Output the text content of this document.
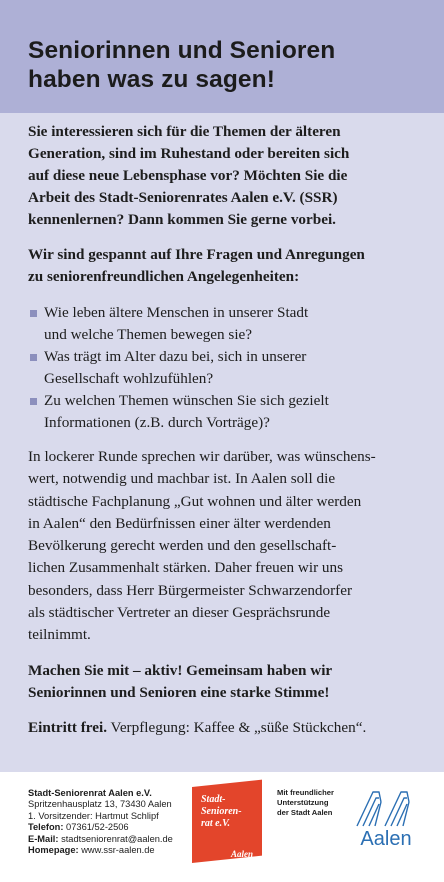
Seniorinnen und Senioren
haben was zu sagen!

Sie interessieren sich für die Themen der älteren
Generation, sind im Ruhestand oder bereiten sich
auf diese neue Lebensphase vor? Möchten Sie die
Arbeit des Stadt-Seniorenrates Aalen e.V. (SSR)
kennenlernen? Dann kommen Sie gerne vorbei.

Wir sind gespannt auf Ihre Fragen und Anregungen
zu seniorenfreundlichen Angelegenheiten:

Wie leben ältere Menschen in unserer Stadt
und welche Themen bewegen sie?
Was trägt im Alter dazu bei, sich in unserer
Gesellschaft wohlzufühlen?
Zu welchen Themen wünschen Sie sich gezielt
Informationen (z.B. durch Vorträge)?

In lockerer Runde sprechen wir darüber, was wünschens-
wert, notwendig und machbar ist. In Aalen soll die
städtische Fachplanung „Gut wohnen und älter werden
in Aalen“ den Bedürfnissen einer älter werdenden
Bevölkerung gerecht werden und den gesellschaft-
lichen Zusammenhalt stärken. Daher freuen wir uns
besonders, dass Herr Bürgermeister Schwarzendorfer
als städtischer Vertreter an dieser Gesprächsrunde
teilnimmt.

Machen Sie mit – aktiv! Gemeinsam haben wir
Seniorinnen und Senioren eine starke Stimme!

Eintritt frei. Verpflegung: Kaffee & „süße Stückchen“.

Stadt-Seniorenrat Aalen e.V.
Spritzenhausplatz 13, 73430 Aalen
1. Vorsitzender: Hartmut Schlipf
Telefon: 07361/52-2506
E-Mail: stadtseniorenrat@aalen.de
Homepage: www.ssr-aalen.de
Stadt-
Senioren-
rat e.V.
Aalen
Mit freundlicher
Unterstützung
der Stadt Aalen
Aalen
